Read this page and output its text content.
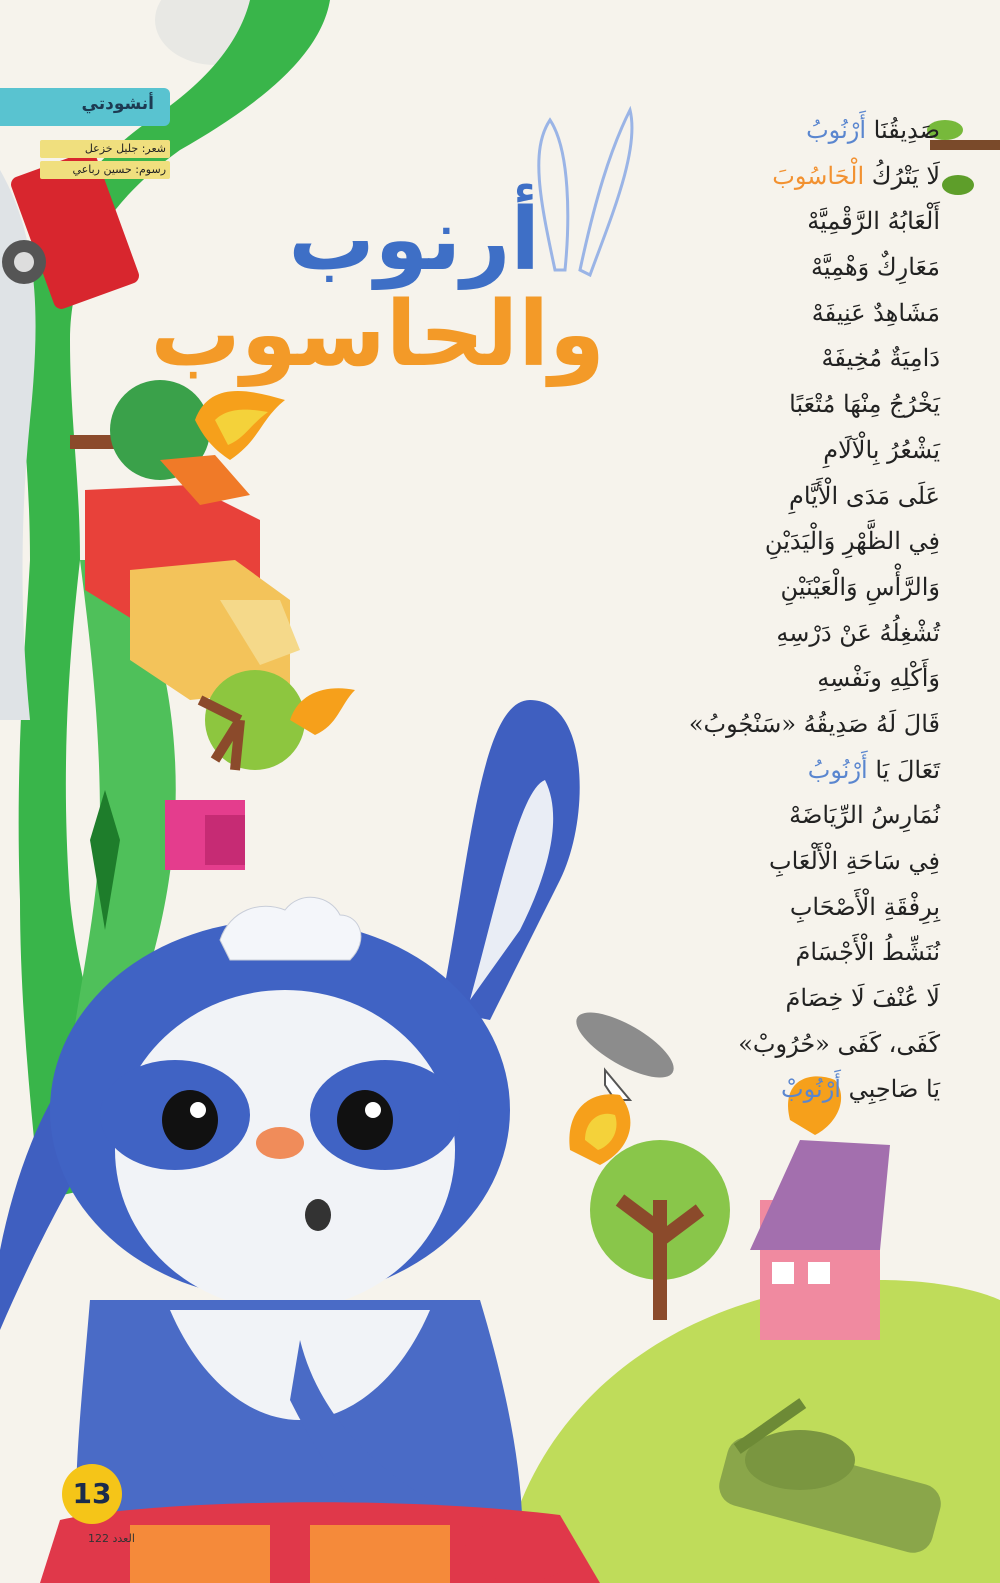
أنشودتي
شعر: جليل خزعل
رسوم: حسين رباعي
أرنوب
والحاسوب
صَدِيقُنَا أَرْنُوبُ
لَا يَتْرُكُ الْحَاسُوبَ
أَلْعَابُهُ الرَّقْمِيَّهْ
مَعَارِكٌ وَهْمِيَّهْ
مَشَاهِدٌ عَنِيفَهْ
دَامِيَةٌ مُخِيفَهْ
يَخْرُجُ مِنْهَا مُتْعَبًا
يَشْعُرُ بِالْآلَامِ
عَلَى مَدَى الْأَيَّامِ
فِي الظَّهْرِ وَالْيَدَيْنِ
وَالرَّأْسِ وَالْعَيْنَيْنِ
تُشْغِلُهُ عَنْ دَرْسِهِ
وَأَكْلِهِ ونَفْسِهِ
قَالَ لَهُ صَدِيقُهُ «سَنْجُوبُ»
تَعَالَ يَا أَرْنُوبُ
نُمَارِسُ الرِّيَاضَهْ
فِي سَاحَةِ الْأَلْعَابِ
بِرِفْقَةِ الْأَصْحَابِ
نُنَشِّطُ الْأَجْسَامَ
لَا عُنْفَ لَا خِصَامَ
كَفَى، كَفَى «حُرُوبْ»
يَا صَاحِبِي أَرْنُوبْ
13
العدد 122
